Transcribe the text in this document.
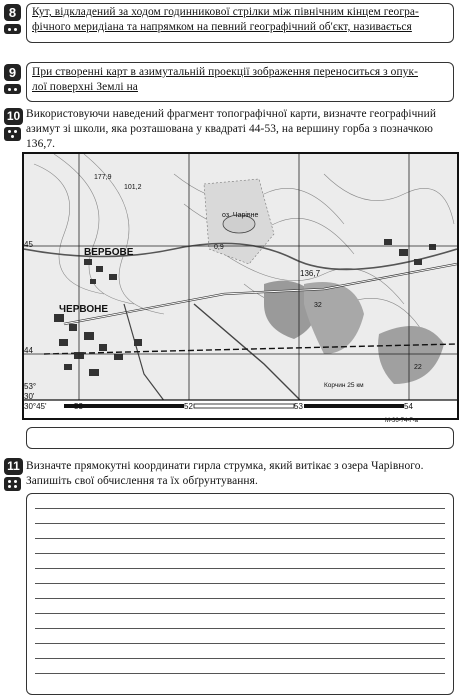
8	Кут, відкладений за ходом годинникової стрілки між північним кінцем геогра-
фічного меридіана та напрямком на певний географічний об'єкт, називається
9	При створенні карт в азимутальній проекції зображення переноситься з опук-
лої поверхні Землі на
10 Використовуючи наведений фрагмент топографічної карти, визначте географічний
азимут зі школи, яка розташована у квадраті 44-53, на вершину горба з позначкою
136,7.
ВЕРБОВЕ
ЧЕРВОНЕ
оз. Чарівне
136,7
177,9
101,2
0,9
32
22
Корчин 25 км
45
44
53°
30'
30°45'	53	52	53	54
М-36-74-Г-а
11 Визначте прямокутні координати гирла струмка, який витікає з озера Чарівного.
Запишіть свої обчислення та їх обґрунтування.
